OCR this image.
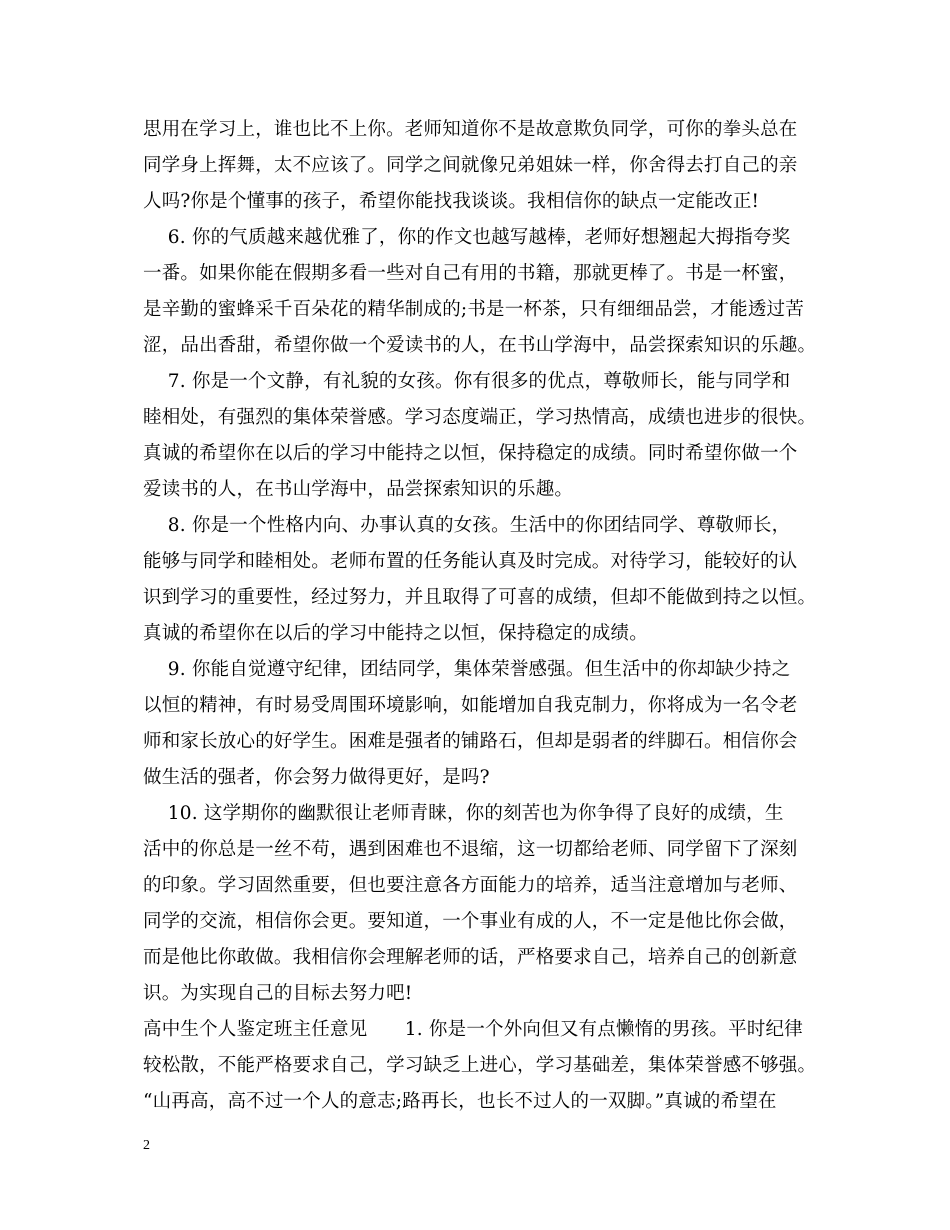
思用在学习上，谁也比不上你。老师知道你不是故意欺负同学，可你的拳头总在
同学身上挥舞，太不应该了。同学之间就像兄弟姐妹一样，你舍得去打自己的亲
人吗?你是个懂事的孩子，希望你能找我谈谈。我相信你的缺点一定能改正!
　 6. 你的气质越来越优雅了，你的作文也越写越棒，老师好想翘起大拇指夸奖
一番。如果你能在假期多看一些对自己有用的书籍，那就更棒了。书是一杯蜜，
是辛勤的蜜蜂采千百朵花的精华制成的;书是一杯茶，只有细细品尝，才能透过苦
涩，品出香甜，希望你做一个爱读书的人，在书山学海中，品尝探索知识的乐趣。
　 7. 你是一个文静，有礼貌的女孩。你有很多的优点，尊敬师长，能与同学和
睦相处，有强烈的集体荣誉感。学习态度端正，学习热情高，成绩也进步的很快。
真诚的希望你在以后的学习中能持之以恒，保持稳定的成绩。同时希望你做一个
爱读书的人，在书山学海中，品尝探索知识的乐趣。
　 8. 你是一个性格内向、办事认真的女孩。生活中的你团结同学、尊敬师长，
能够与同学和睦相处。老师布置的任务能认真及时完成。对待学习，能较好的认
识到学习的重要性，经过努力，并且取得了可喜的成绩，但却不能做到持之以恒。
真诚的希望你在以后的学习中能持之以恒，保持稳定的成绩。
　 9. 你能自觉遵守纪律，团结同学，集体荣誉感强。但生活中的你却缺少持之
以恒的精神，有时易受周围环境影响，如能增加自我克制力，你将成为一名令老
师和家长放心的好学生。困难是强者的铺路石，但却是弱者的绊脚石。相信你会
做生活的强者，你会努力做得更好，是吗?
　 10. 这学期你的幽默很让老师青睐，你的刻苦也为你争得了良好的成绩，生
活中的你总是一丝不苟，遇到困难也不退缩，这一切都给老师、同学留下了深刻
的印象。学习固然重要，但也要注意各方面能力的培养，适当注意增加与老师、
同学的交流，相信你会更。要知道，一个事业有成的人，不一定是他比你会做，
而是他比你敢做。我相信你会理解老师的话，严格要求自己，培养自己的创新意
识。为实现自己的目标去努力吧!
高中生个人鉴定班主任意见　　1. 你是一个外向但又有点懒惰的男孩。平时纪律
较松散，不能严格要求自己，学习缺乏上进心，学习基础差，集体荣誉感不够强。
“山再高，高不过一个人的意志;路再长，也长不过人的一双脚。”真诚的希望在
2
